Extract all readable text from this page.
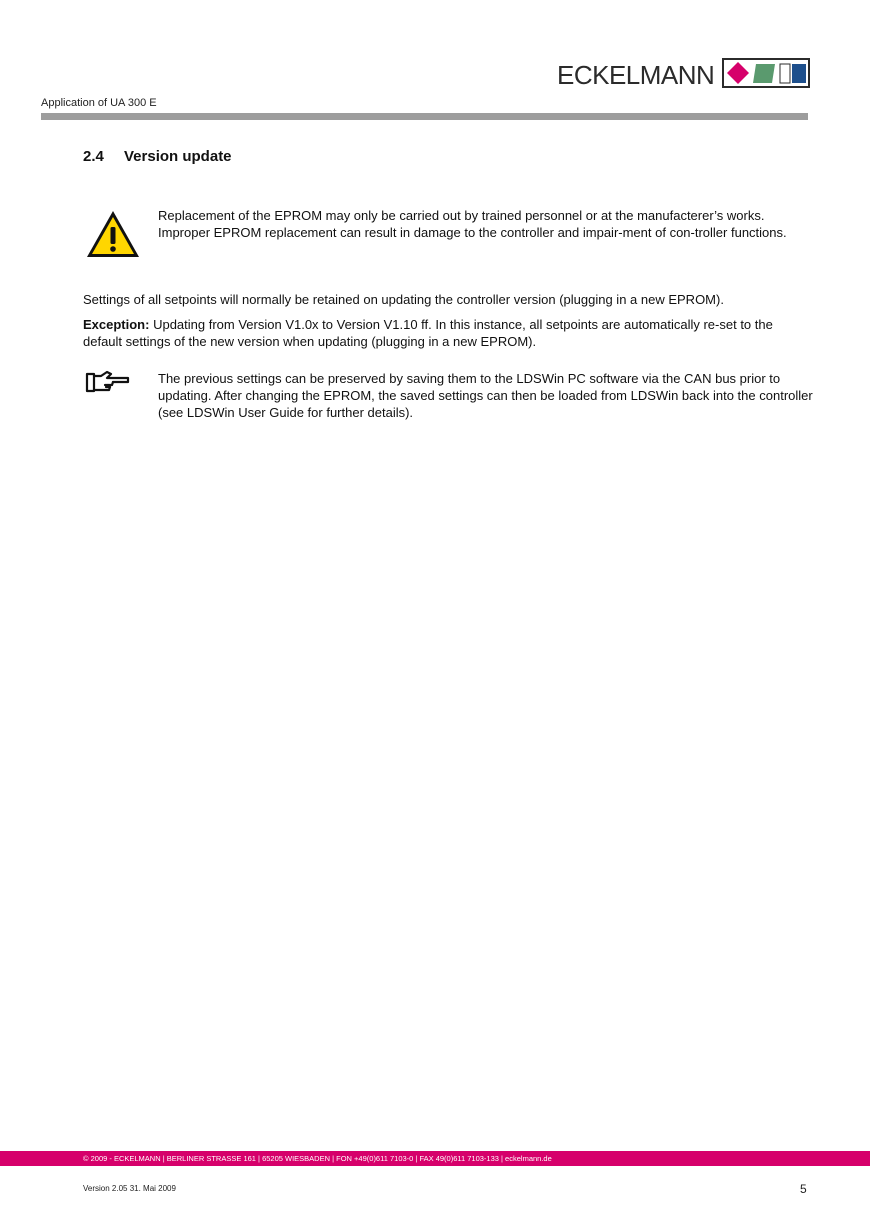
ECKELMANN
Application of UA 300 E
2.4 Version update
Replacement of the EPROM may only be carried out by trained personnel or at the manufacterer’s works. Improper EPROM replacement can result in damage to the controller and impair-ment of con-troller functions.
Settings of all setpoints will normally be retained on updating the controller version (plugging in a new EPROM).
Exception: Updating from Version V1.0x to Version V1.10 ff. In this instance, all setpoints are automatically re-set to the default settings of the new version when updating (plugging in a new EPROM).
The previous settings can be preserved by saving them to the LDSWin PC software via the CAN bus prior to updating. After changing the EPROM, the saved settings can then be loaded from LDSWin back into the controller (see LDSWin User Guide for further details).
© 2009 - ECKELMANN | BERLINER STRASSE 161 | 65205 WIESBADEN | FON +49(0)611 7103-0 | FAX 49(0)611 7103-133 | eckelmann.de
Version 2.05 31. Mai 2009	5
